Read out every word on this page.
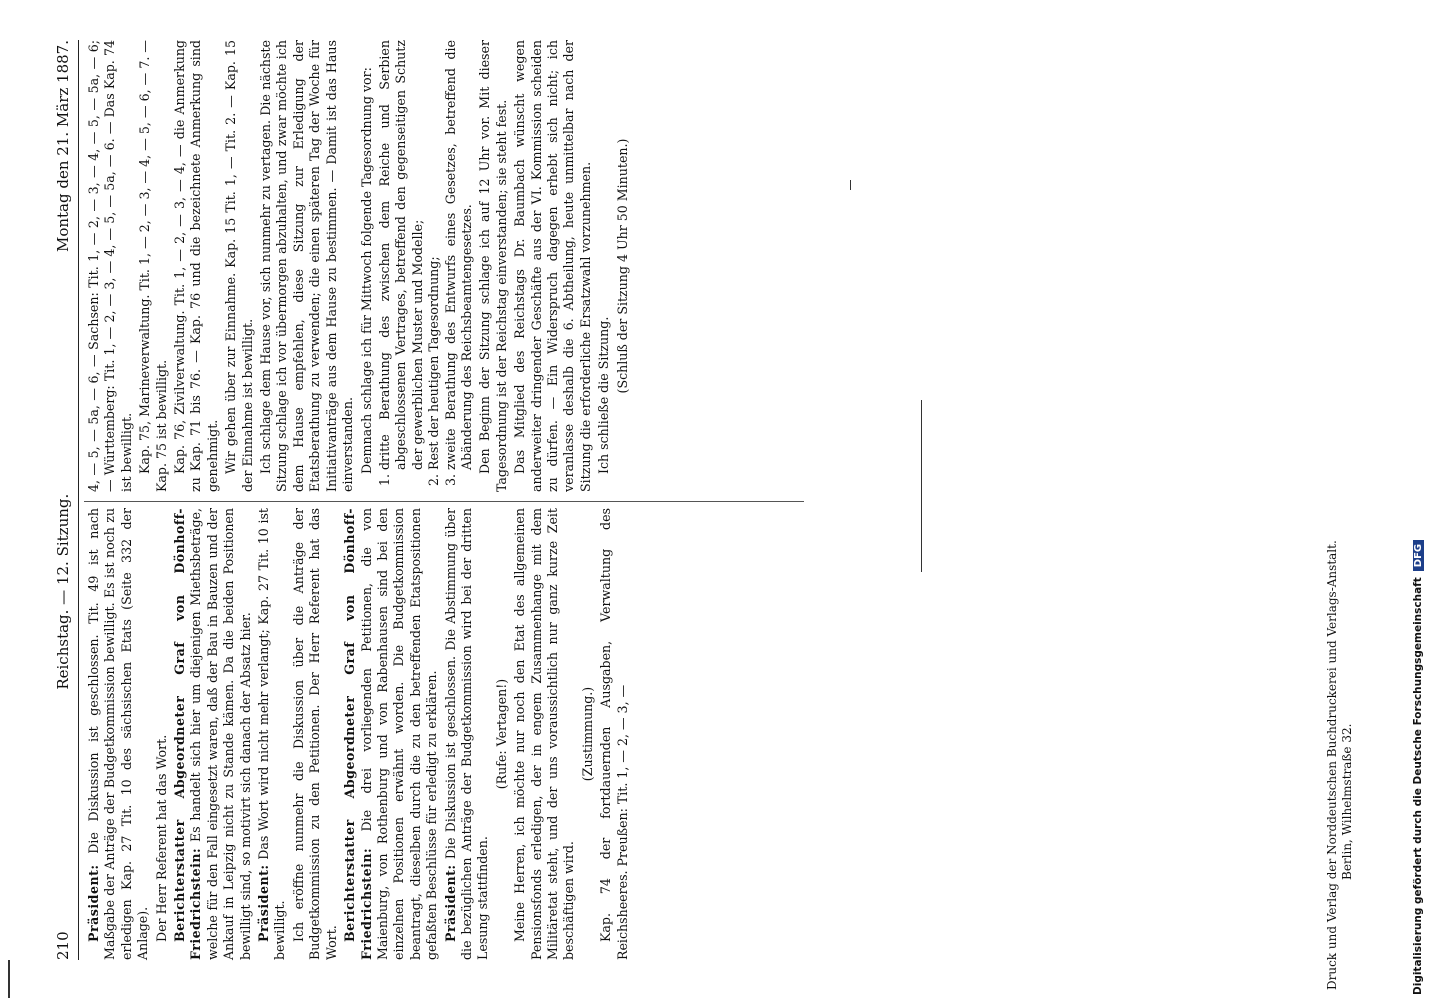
210
Reichstag. — 12. Sitzung.
Montag den 21. März 1887.

Präsident: Die Diskussion ist geschlossen. Tit. 49 ist nach Maßgabe der Anträge der Budgetkommission bewilligt. Es ist noch zu erledigen Kap. 27 Tit. 10 des sächsischen Etats (Seite 332 der Anlage). Der Herr Referent hat das Wort. Berichterstatter Abgeordneter Graf von Dönhoff-Friedrichstein: Es handelt sich hier um diejenigen Miethsbeträge, welche für den Fall eingesetzt waren, daß der Bau in Bauzen und der Ankauf in Leipzig nicht zu Stande kämen. Da die beiden Positionen bewilligt sind, so motivirt sich danach der Absatz hier. Präsident: Das Wort wird nicht mehr verlangt; Kap. 27 Tit. 10 ist bewilligt. Ich eröffne nunmehr die Diskussion über die Anträge der Budgetkommission zu den Petitionen. Der Herr Referent hat das Wort.

Berichterstatter Abgeordneter Graf von Dönhoff-Friedrichstein: Die drei vorliegenden Petitionen, die von Maienburg, von Rothenburg und von Rabenhausen sind bei den einzelnen Positionen erwähnt worden. Die Budgetkommission beantragt, dieselben durch die zu den betreffenden Etatspositionen gefaßten Beschlüsse für erledigt zu erklären. Präsident: Die Diskussion ist geschlossen. Die Abstimmung über die bezüglichen Anträge der Budgetkommission wird bei der dritten Lesung stattfinden.

(Rufe: Vertagen!) Meine Herren, ich möchte nur noch den Etat des allgemeinen Pensionsfonds erledigen, der in engem Zusammenhange mit dem Militäretat steht, und der uns voraussichtlich nur ganz kurze Zeit beschäftigen wird.

(Zustimmung.) Kap. 74 der fortdauernden Ausgaben, Verwaltung des Reichsheeres. Preußen: Tit. 1, — 2, — 3, —

4, — 5, — 5a, — 6, — Sachsen: Tit. 1, — 2, — 3, — 4, — 5, — 5a, — 6; — Württemberg: Tit. 1, — 2, — 3, — 4, — 5, — 5a, — 6. — Das Kap. 74 ist bewilligt. Kap. 75, Marineverwaltung. Tit. 1, — 2, — 3, — 4, — 5, — 6, — 7. — Kap. 75 ist bewilligt. Kap. 76, Zivilverwaltung. Tit. 1, — 2, — 3, — 4, — die Anmerkung zu Kap. 71 bis 76. — Kap. 76 und die bezeichnete Anmerkung sind genehmigt. Wir gehen über zur Einnahme. Kap. 15 Tit. 1, — Tit. 2. — Kap. 15 der Einnahme ist bewilligt. Ich schlage dem Hause vor, sich nunmehr zu vertagen. Die nächste Sitzung schlage ich vor übermorgen abzuhalten, und zwar möchte ich dem Hause empfehlen, diese Sitzung zur Erledigung der Etatsberathung zu verwenden; die einen späteren Tag der Woche für Initiativanträge aus dem Hause zu bestimmen. — Damit ist das Haus einverstanden. Demnach schlage ich für Mittwoch folgende Tagesordnung vor: 1. dritte Berathung des zwischen dem Reiche und Serbien abgeschlossenen Vertrages, betreffend den gegenseitigen Schutz der gewerblichen Muster und Modelle; 2. Rest der heutigen Tagesordnung; 3. zweite Berathung des Entwurfs eines Gesetzes, betreffend die Abänderung des Reichsbeamtengesetzes. Den Beginn der Sitzung schlage ich auf 12 Uhr vor. Mit dieser Tagesordnung ist der Reichstag einverstanden; sie steht fest. Das Mitglied des Reichstags Dr. Baumbach wünscht wegen anderweiter dringender Geschäfte aus der VI. Kommission scheiden zu dürfen. — Ein Widerspruch dagegen erhebt sich nicht; ich veranlasse deshalb die 6. Abtheilung, heute unmittelbar nach der Sitzung die erforderliche Ersatzwahl vorzunehmen. Ich schließe die Sitzung.

(Schluß der Sitzung 4 Uhr 50 Minuten.)

Druck und Verlag der Norddeutschen Buchdruckerei und Verlags-Anstalt. Berlin, Wilhelmstraße 32.	Digitalisierung gefördert durch die Deutsche Forschungsgemeinschaft
DFG
